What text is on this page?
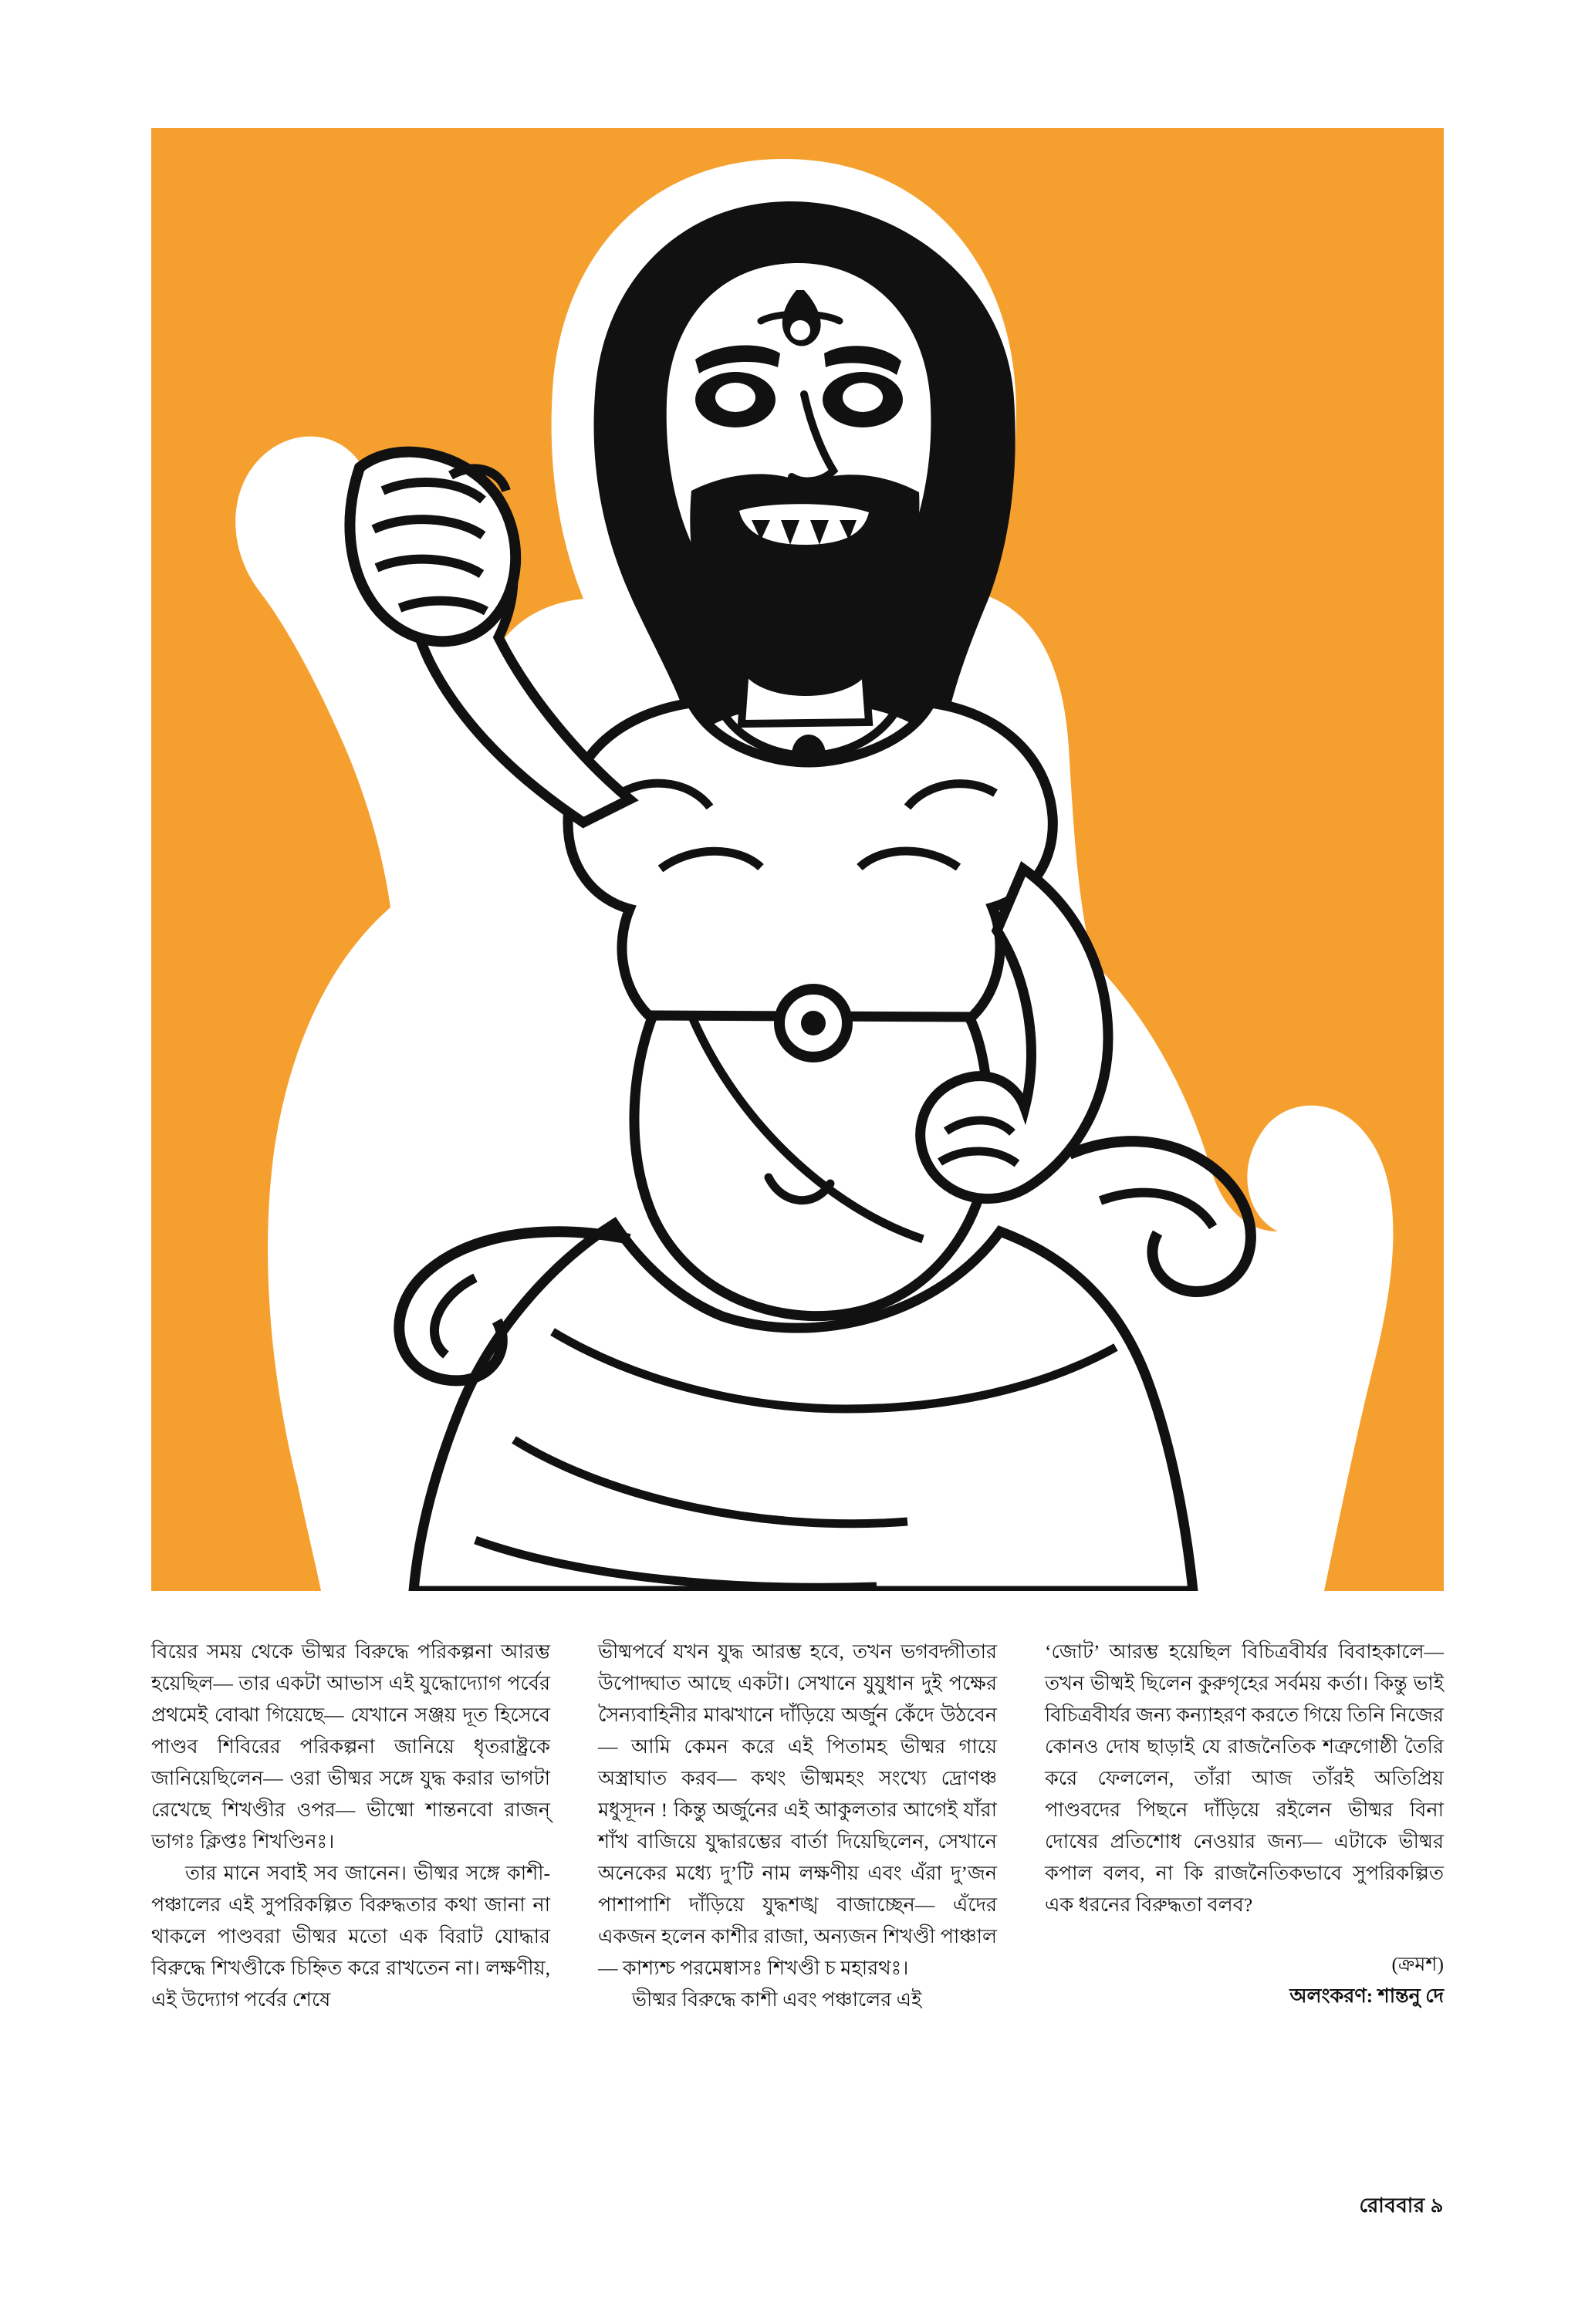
বিয়ের সময় থেকে ভীষ্মর বিরুদ্ধে পরিকল্পনা আরম্ভ হয়েছিল— তার একটা আভাস এই যুদ্ধোদ্যোগ পর্বের প্রথমেই বোঝা গিয়েছে— যেখানে সঞ্জয় দূত হিসেবে পাণ্ডব শিবিরের পরিকল্পনা জানিয়ে ধৃতরাষ্ট্রকে জানিয়েছিলেন— ওরা ভীষ্মর সঙ্গে যুদ্ধ করার ভাগটা রেখেছে শিখণ্ডীর ওপর— ভীষ্মো শান্তনবো রাজন্‌ ভাগঃ ক্লিপ্তঃ শিখণ্ডিনঃ।

তার মানে সবাই সব জানেন। ভীষ্মর সঙ্গে কাশী-পঞ্চালের এই সুপরিকল্পিত বিরুদ্ধতার কথা জানা না থাকলে পাণ্ডবরা ভীষ্মর মতো এক বিরাট যোদ্ধার বিরুদ্ধে শিখণ্ডীকে চিহ্নিত করে রাখতেন না। লক্ষণীয়, এই উদ্যোগ পর্বের শেষে

ভীষ্মপর্বে যখন যুদ্ধ আরম্ভ হবে, তখন ভগবদ্গীতার উপোদ্ঘাত আছে একটা। সেখানে যুযুধান দুই পক্ষের সৈন্যবাহিনীর মাঝখানে দাঁড়িয়ে অর্জুন কেঁদে উঠবেন— আমি কেমন করে এই পিতামহ ভীষ্মর গায়ে অস্ত্রাঘাত করব— কথং ভীষ্মমহং সংখ্যে দ্রোণঞ্চ মধুসূদন ! কিন্তু অর্জুনের এই আকুলতার আগেই যাঁরা শাঁখ বাজিয়ে যুদ্ধারম্ভের বার্তা দিয়েছিলেন, সেখানে অনেকের মধ্যে দু’টি নাম লক্ষণীয় এবং এঁরা দু’জন পাশাপাশি দাঁড়িয়ে যুদ্ধশঙ্খ বাজাচ্ছেন— এঁদের একজন হলেন কাশীর রাজা, অন্যজন শিখণ্ডী পাঞ্চাল— কাশ্যশ্চ পরমেষ্বাসঃ শিখণ্ডী চ মহারথঃ।

ভীষ্মর বিরুদ্ধে কাশী এবং পঞ্চালের এই

‘জোট’ আরম্ভ হয়েছিল বিচিত্রবীর্যর বিবাহকালে— তখন ভীষ্মই ছিলেন কুরুগৃহের সর্বময় কর্তা। কিন্তু ভাই বিচিত্রবীর্যর জন্য কন্যাহরণ করতে গিয়ে তিনি নিজের কোনও দোষ ছাড়াই যে রাজনৈতিক শত্রুগোষ্ঠী তৈরি করে ফেললেন, তাঁরা আজ তাঁরই অতিপ্রিয় পাণ্ডবদের পিছনে দাঁড়িয়ে রইলেন ভীষ্মর বিনা দোষের প্রতিশোধ নেওয়ার জন্য— এটাকে ভীষ্মর কপাল বলব, না কি রাজনৈতিকভাবে সুপরিকল্পিত এক ধরনের বিরুদ্ধতা বলব?

(ক্রমশ)
অলংকরণ: শান্তনু দে
রোববার ৯
